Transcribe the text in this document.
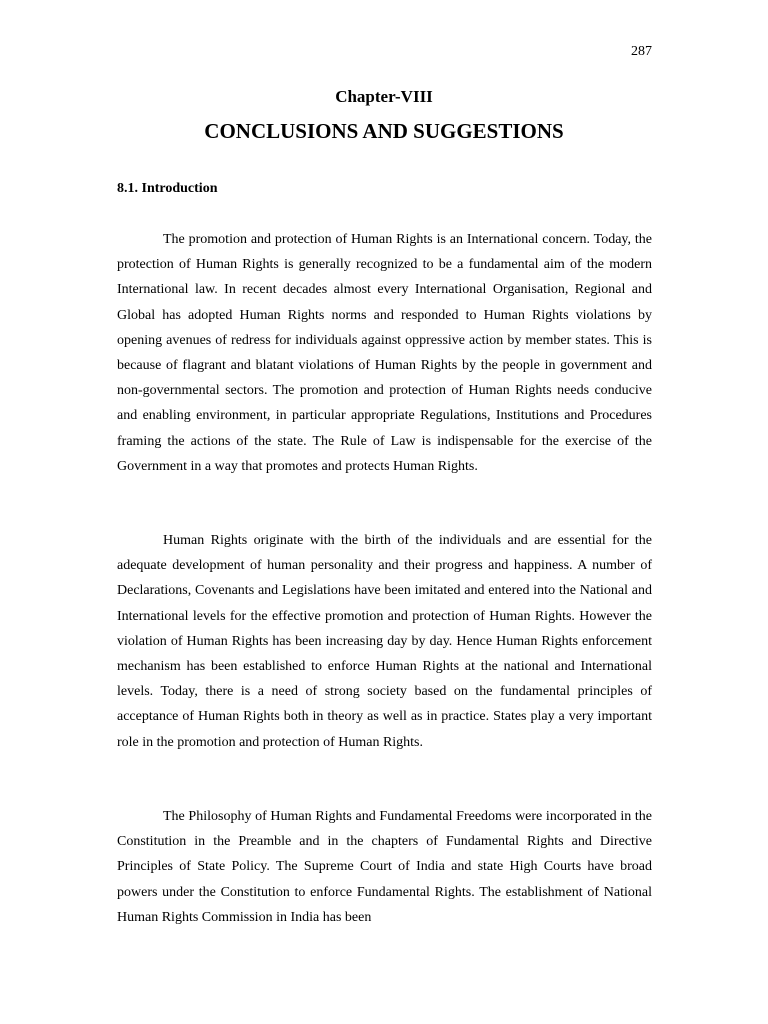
287
Chapter-VIII
CONCLUSIONS AND SUGGESTIONS
8.1. Introduction

The promotion and protection of Human Rights is an International concern. Today, the protection of Human Rights is generally recognized to be a fundamental aim of the modern International law. In recent decades almost every International Organisation, Regional and Global has adopted Human Rights norms and responded to Human Rights violations by opening avenues of redress for individuals against oppressive action by member states. This is because of flagrant and blatant violations of Human Rights by the people in government and non-governmental sectors. The promotion and protection of Human Rights needs conducive and enabling environment, in particular appropriate Regulations, Institutions and Procedures framing the actions of the state. The Rule of Law is indispensable for the exercise of the Government in a way that promotes and protects Human Rights.

Human Rights originate with the birth of the individuals and are essential for the adequate development of human personality and their progress and happiness. A number of Declarations, Covenants and Legislations have been imitated and entered into the National and International levels for the effective promotion and protection of Human Rights. However the violation of Human Rights has been increasing day by day. Hence Human Rights enforcement mechanism has been established to enforce Human Rights at the national and International levels. Today, there is a need of strong society based on the fundamental principles of acceptance of Human Rights both in theory as well as in practice. States play a very important role in the promotion and protection of Human Rights.

The Philosophy of Human Rights and Fundamental Freedoms were incorporated in the Constitution in the Preamble and in the chapters of Fundamental Rights and Directive Principles of State Policy. The Supreme Court of India and state High Courts have broad powers under the Constitution to enforce Fundamental Rights. The establishment of National Human Rights Commission in India has been
